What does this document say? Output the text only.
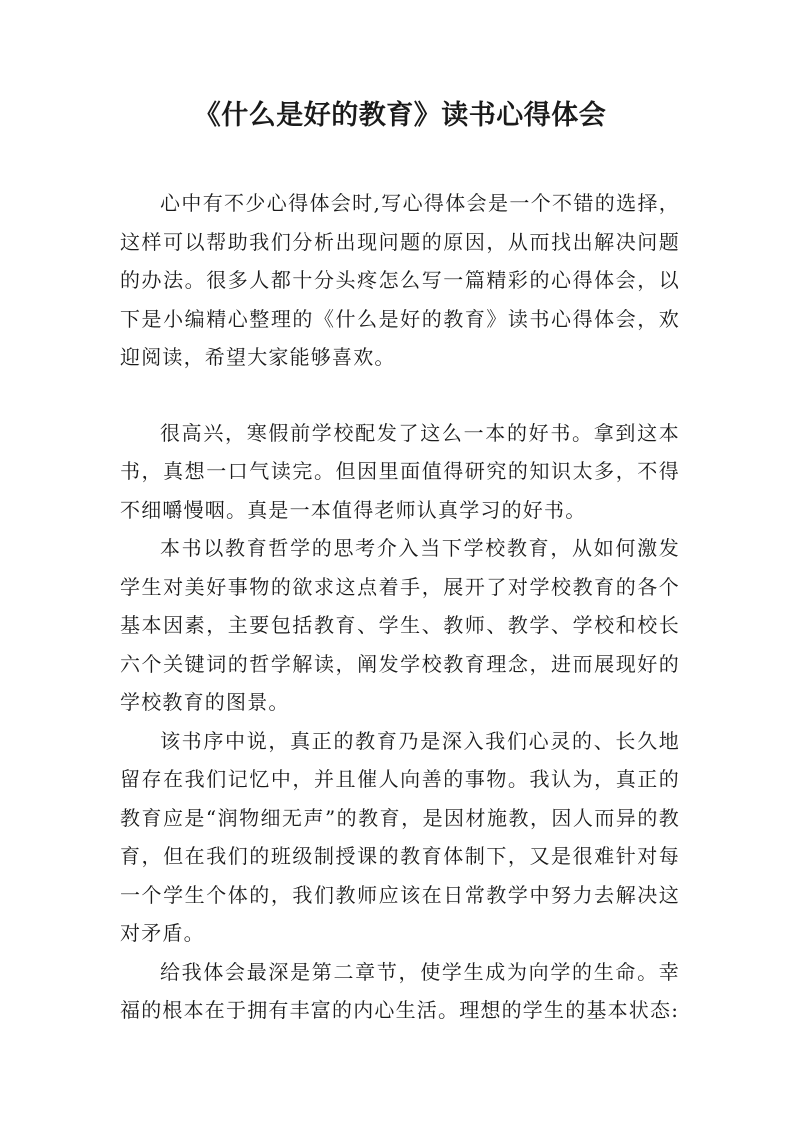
《什么是好的教育》读书心得体会

心中有不少心得体会时,写心得体会是一个不错的选择，这样可以帮助我们分析出现问题的原因，从而找出解决问题的办法。很多人都十分头疼怎么写一篇精彩的心得体会，以下是小编精心整理的《什么是好的教育》读书心得体会，欢迎阅读，希望大家能够喜欢。

很高兴，寒假前学校配发了这么一本的好书。拿到这本书，真想一口气读完。但因里面值得研究的知识太多，不得不细嚼慢咽。真是一本值得老师认真学习的好书。

本书以教育哲学的思考介入当下学校教育，从如何激发学生对美好事物的欲求这点着手，展开了对学校教育的各个基本因素，主要包括教育、学生、教师、教学、学校和校长六个关键词的哲学解读，阐发学校教育理念，进而展现好的学校教育的图景。

该书序中说，真正的教育乃是深入我们心灵的、长久地留存在我们记忆中，并且催人向善的事物。我认为，真正的教育应是“润物细无声”的教育，是因材施教，因人而异的教育，但在我们的班级制授课的教育体制下，又是很难针对每一个学生个体的，我们教师应该在日常教学中努力去解决这对矛盾。

给我体会最深是第二章节，使学生成为向学的生命。幸福的根本在于拥有丰富的内心生活。理想的学生的基本状态:
